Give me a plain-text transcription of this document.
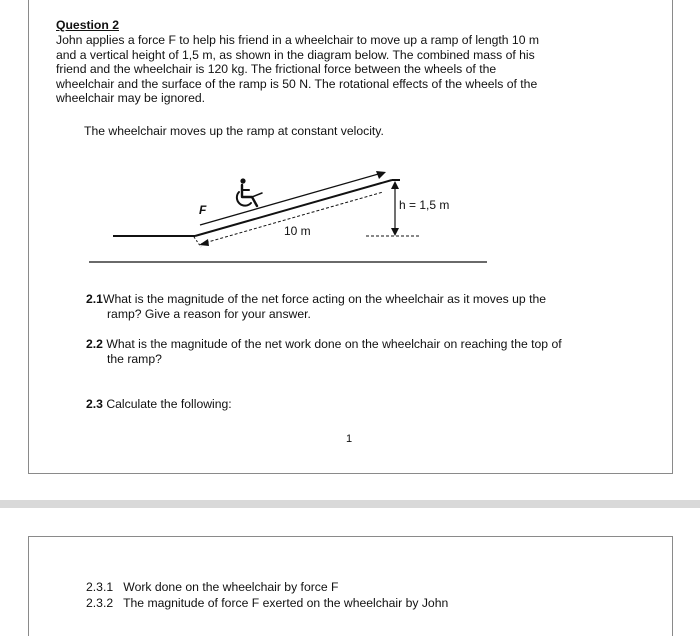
Question 2
John applies a force F to help his friend in a wheelchair to move up a ramp of length 10 m
and a vertical height of 1,5 m, as shown in the diagram below. The combined mass of his
friend and the wheelchair is 120 kg. The frictional force between the wheels of the
wheelchair and the surface of the ramp is 50 N. The rotational effects of the wheels of the
wheelchair may be ignored.
The wheelchair moves up the ramp at constant velocity.
F
10 m
h = 1,5 m
2.1What is the magnitude of the net force acting on the wheelchair as it moves up the
ramp? Give a reason for your answer.
2.2 What is the magnitude of the net work done on the wheelchair on reaching the top of
the ramp?
2.3 Calculate the following:
1
2.3.1 Work done on the wheelchair by force F
2.3.2 The magnitude of force F exerted on the wheelchair by John
